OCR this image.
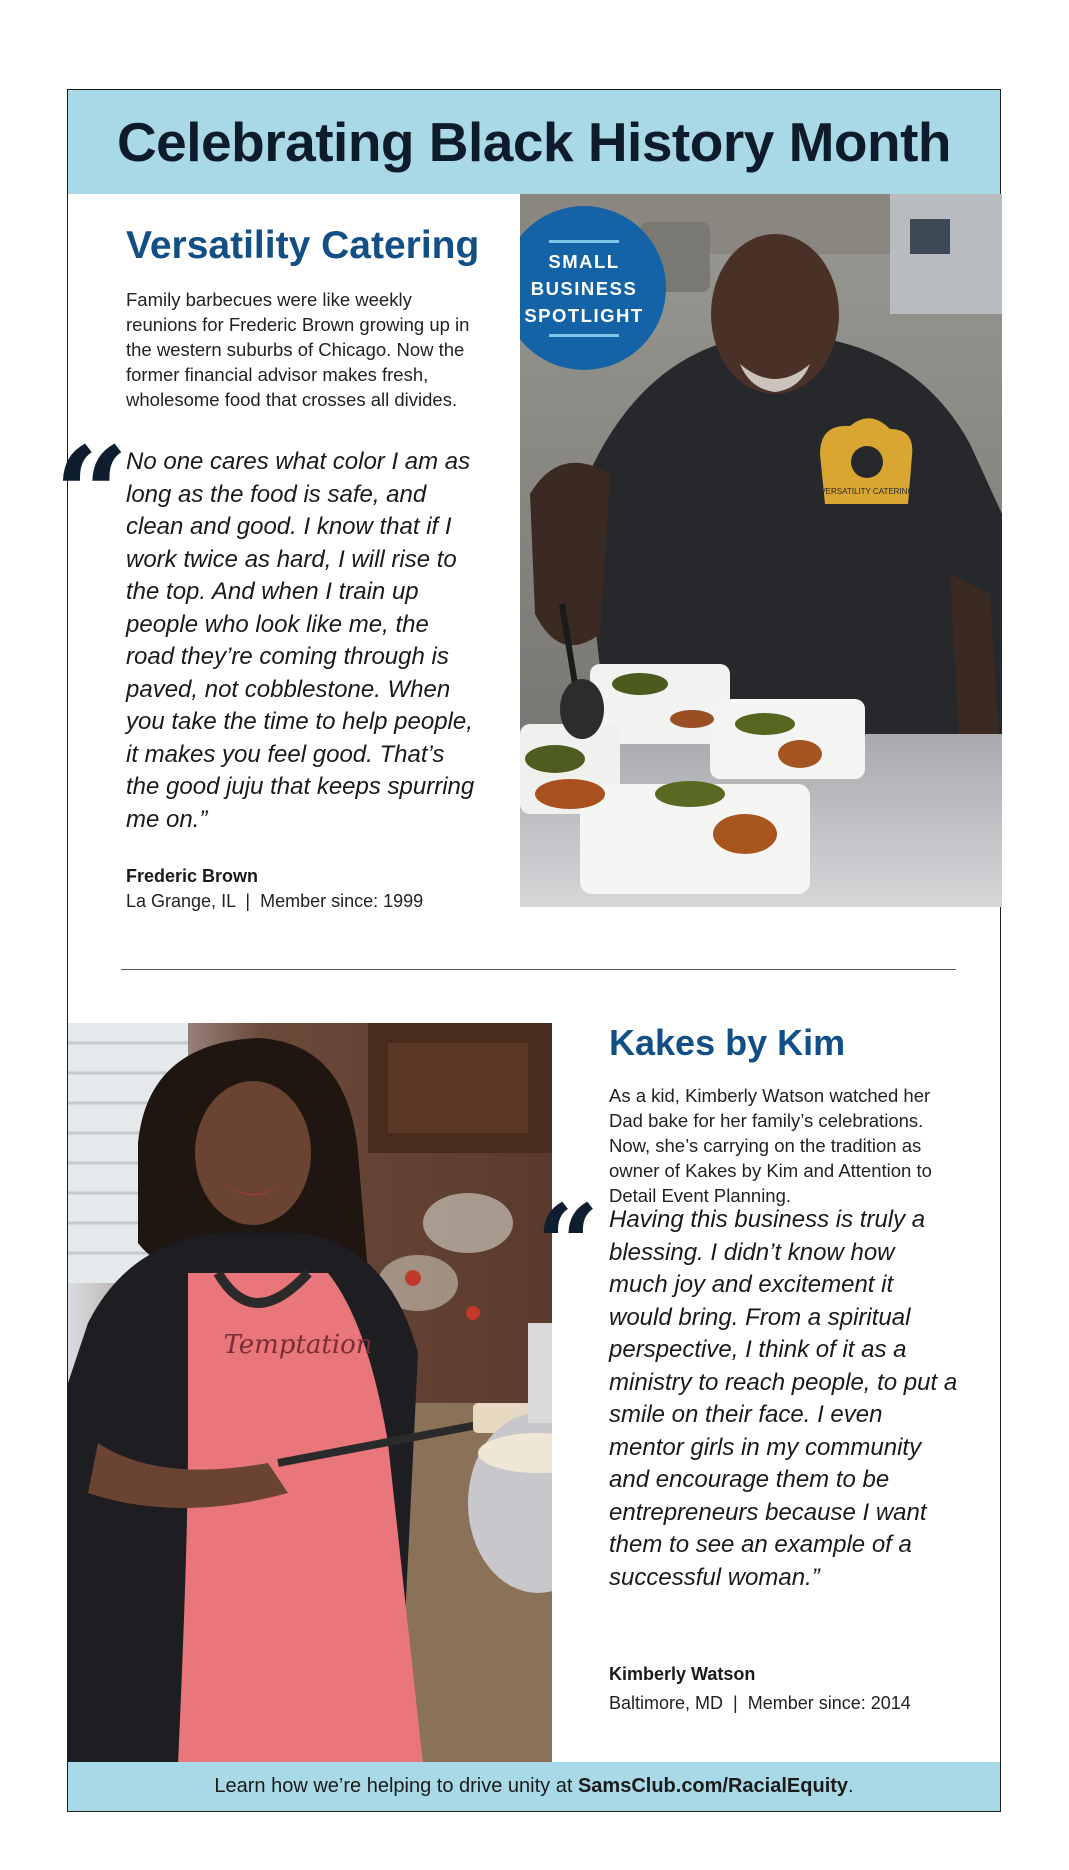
Celebrating Black History Month
Versatility Catering

Family barbecues were like weekly reunions for Frederic Brown growing up in the western suburbs of Chicago. Now the former financial advisor makes fresh, wholesome food that crosses all divides.

“

No one cares what color I am as long as the food is safe, and clean and good. I know that if I work twice as hard, I will rise to the top. And when I train up people who look like me, the road they’re coming through is paved, not cobblestone. When you take the time to help people, it makes you feel good. That’s the good juju that keeps spurring me on.”

Frederic Brown
La Grange, IL  |  Member since: 1999
VERSATILITY CATERING
SMALL
BUSINESS
SPOTLIGHT
Temptation
Kakes by Kim

As a kid, Kimberly Watson watched her Dad bake for her family’s celebrations. Now, she’s carrying on the tradition as owner of Kakes by Kim and Attention to Detail Event Planning.

“ Having this business is truly a blessing. I didn’t know how much joy and excitement it would bring. From a spiritual perspective, I think of it as a ministry to reach people, to put a smile on their face. I even mentor girls in my community and encourage them to be entrepreneurs because I want them to see an example of a successful woman.”

Kimberly Watson
Baltimore, MD  |  Member since: 2014
Learn how we’re helping to drive unity at SamsClub.com/RacialEquity .
